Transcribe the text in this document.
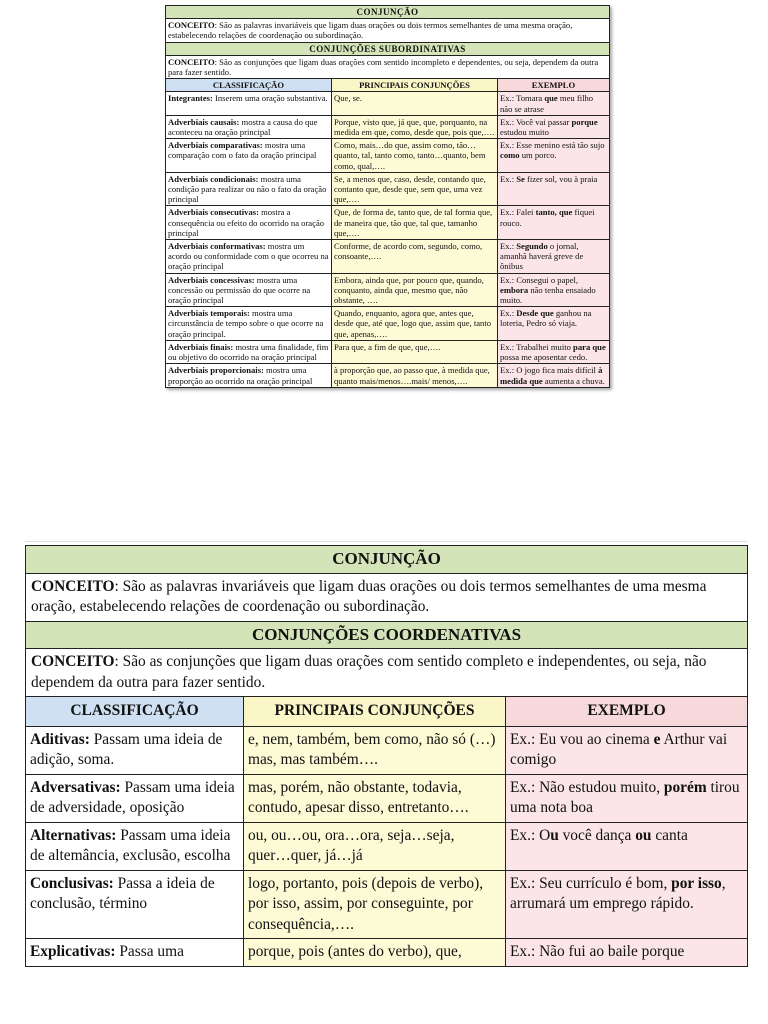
CONJUNÇÃO		
CONCEITO: São as palavras invariáveis que ligam duas orações ou dois termos semelhantes de uma mesma oração, estabelecendo relações de coordenação ou subordinação.		
CONJUNÇÕES SUBORDINATIVAS		
CONCEITO: São as conjunções que ligam duas orações com sentido incompleto e dependentes, ou seja, dependem da outra para fazer sentido.		
CLASSIFICAÇÃO	PRINCIPAIS CONJUNÇÕES	EXEMPLO
Integrantes: Inserem uma oração substantiva.	Que, se.	Ex.: Tomara que meu filho não se atrase
Adverbiais causais: mostra a causa do que aconteceu na oração principal	Porque, visto que, já que, que, porquanto, na medida em que, como, desde que, pois que,….	Ex.: Você vai passar porque estudou muito
Adverbiais comparativas: mostra uma comparação com o fato da oração principal	Como, mais…do que, assim como, tão…quanto, tal, tanto como, tanto…quanto, bem como, qual,….	Ex.: Esse menino está tão sujo como um porco.
Adverbiais condicionais: mostra uma condição para realizar ou não o fato da oração principal	Se, a menos que, caso, desde, contando que, contanto que, desde que, sem que, uma vez que,….	Ex.: Se fizer sol, vou à praia
Adverbiais consecutivas: mostra a consequência ou efeito do ocorrido na oração principal	Que, de forma de, tanto que, de tal forma que, de maneira que, tão que, tal que, tamanho que,….	Ex.: Falei tanto, que fiquei rouco.
Adverbiais conformativas: mostra um acordo ou conformidade com o que ocorreu na oração principal	Conforme, de acordo com, segundo, como, consoante,….	Ex.: Segundo o jornal, amanhã haverá greve de ônibus
Adverbiais concessivas: mostra uma concessão ou permissão do que ocorre na oração principal	Embora, ainda que, por pouco que, quando, conquanto, ainda que, mesmo que, não obstante, ….	Ex.: Consegui o papel, embora não tenha ensaiado muito.
Adverbiais temporais: mostra uma circunstância de tempo sobre o que ocorre na oração principal.	Quando, enquanto, agora que, antes que, desde que, até que, logo que, assim que, tanto que, apenas,….	Ex.: Desde que ganhou na loteria, Pedro só viaja.
Adverbiais finais: mostra uma finalidade, fim ou objetivo do ocorrido na oração principal	Para que, a fim de que, que,….	Ex.: Trabalhei muito para que possa me aposentar cedo.
Adverbiais proporcionais: mostra uma proporção ao ocorrido na oração principal	à proporção que, ao passo que, à medida que, quanto mais/menos….mais/ menos,….	Ex.: O jogo fica mais difícil à medida que aumenta a chuva.
CONJUNÇÃO		
CONCEITO: São as palavras invariáveis que ligam duas orações ou dois termos semelhantes de uma mesma oração, estabelecendo relações de coordenação ou subordinação.		
CONJUNÇÕES COORDENATIVAS		
CONCEITO: São as conjunções que ligam duas orações com sentido completo e independentes, ou seja, não dependem da outra para fazer sentido.		
CLASSIFICAÇÃO	PRINCIPAIS CONJUNÇÕES	EXEMPLO
Aditivas: Passam uma ideia de adição, soma.	e, nem, também, bem como, não só (…) mas, mas também….	Ex.: Eu vou ao cinema e Arthur vai comigo
Adversativas: Passam uma ideia de adversidade, oposição	mas, porém, não obstante, todavia, contudo, apesar disso, entretanto….	Ex.: Não estudou muito, porém tirou uma nota boa
Alternativas: Passam uma ideia de altemância, exclusão, escolha	ou, ou…ou, ora…ora, seja…seja, quer…quer, já…já	Ex.: Ou você dança ou canta
Conclusivas: Passa a ideia de conclusão, término	logo, portanto, pois (depois de verbo), por isso, assim, por conseguinte, por consequência,….	Ex.: Seu currículo é bom, por isso, arrumará um emprego rápido.
Explicativas: Passa uma	porque, pois (antes do verbo), que,	Ex.: Não fui ao baile porque
